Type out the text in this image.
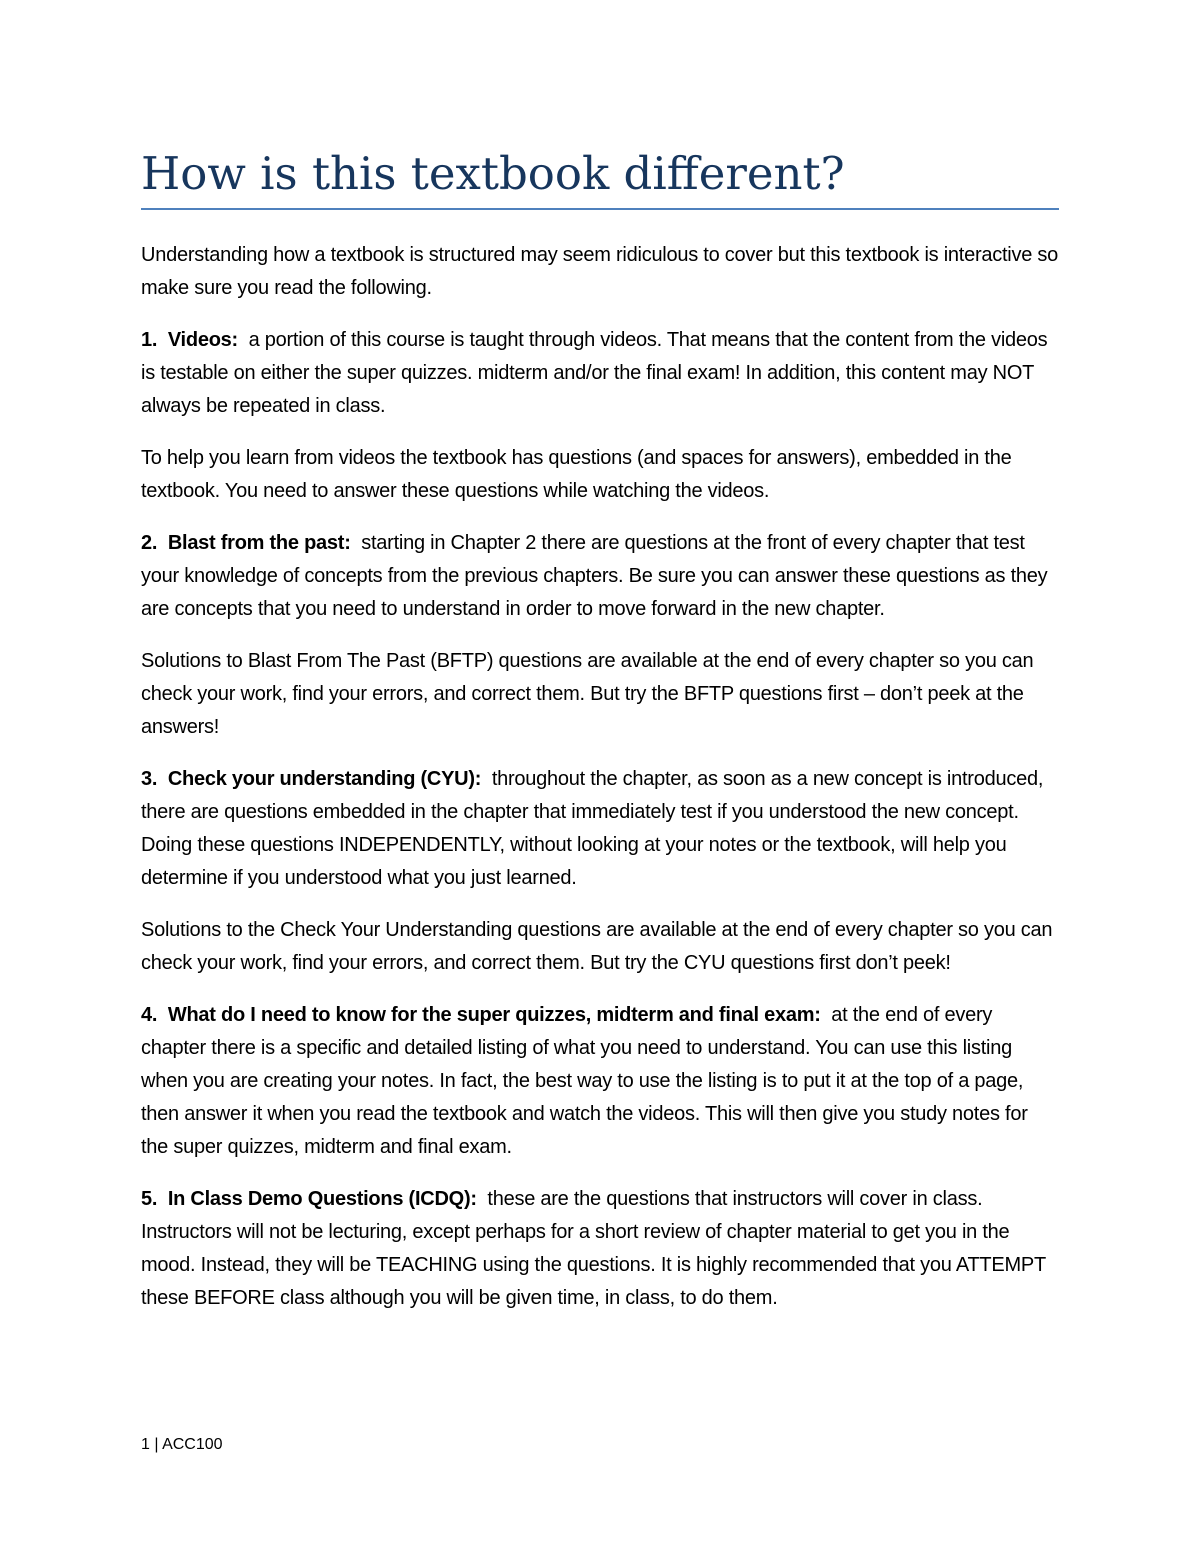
How is this textbook different?

Understanding how a textbook is structured may seem ridiculous to cover but this textbook is interactive so make sure you read the following.

1. Videos: a portion of this course is taught through videos. That means that the content from the videos is testable on either the super quizzes. midterm and/or the final exam! In addition, this content may NOT always be repeated in class.

To help you learn from videos the textbook has questions (and spaces for answers), embedded in the textbook. You need to answer these questions while watching the videos.

2. Blast from the past: starting in Chapter 2 there are questions at the front of every chapter that test your knowledge of concepts from the previous chapters. Be sure you can answer these questions as they are concepts that you need to understand in order to move forward in the new chapter.

Solutions to Blast From The Past (BFTP) questions are available at the end of every chapter so you can check your work, find your errors, and correct them. But try the BFTP questions first – don’t peek at the answers!

3. Check your understanding (CYU): throughout the chapter, as soon as a new concept is introduced, there are questions embedded in the chapter that immediately test if you understood the new concept. Doing these questions INDEPENDENTLY, without looking at your notes or the textbook, will help you determine if you understood what you just learned.

Solutions to the Check Your Understanding questions are available at the end of every chapter so you can check your work, find your errors, and correct them. But try the CYU questions first don’t peek!

4. What do I need to know for the super quizzes, midterm and final exam: at the end of every chapter there is a specific and detailed listing of what you need to understand. You can use this listing when you are creating your notes. In fact, the best way to use the listing is to put it at the top of a page, then answer it when you read the textbook and watch the videos. This will then give you study notes for the super quizzes, midterm and final exam.

5. In Class Demo Questions (ICDQ): these are the questions that instructors will cover in class. Instructors will not be lecturing, except perhaps for a short review of chapter material to get you in the mood. Instead, they will be TEACHING using the questions. It is highly recommended that you ATTEMPT these BEFORE class although you will be given time, in class, to do them.

1 | ACC100
